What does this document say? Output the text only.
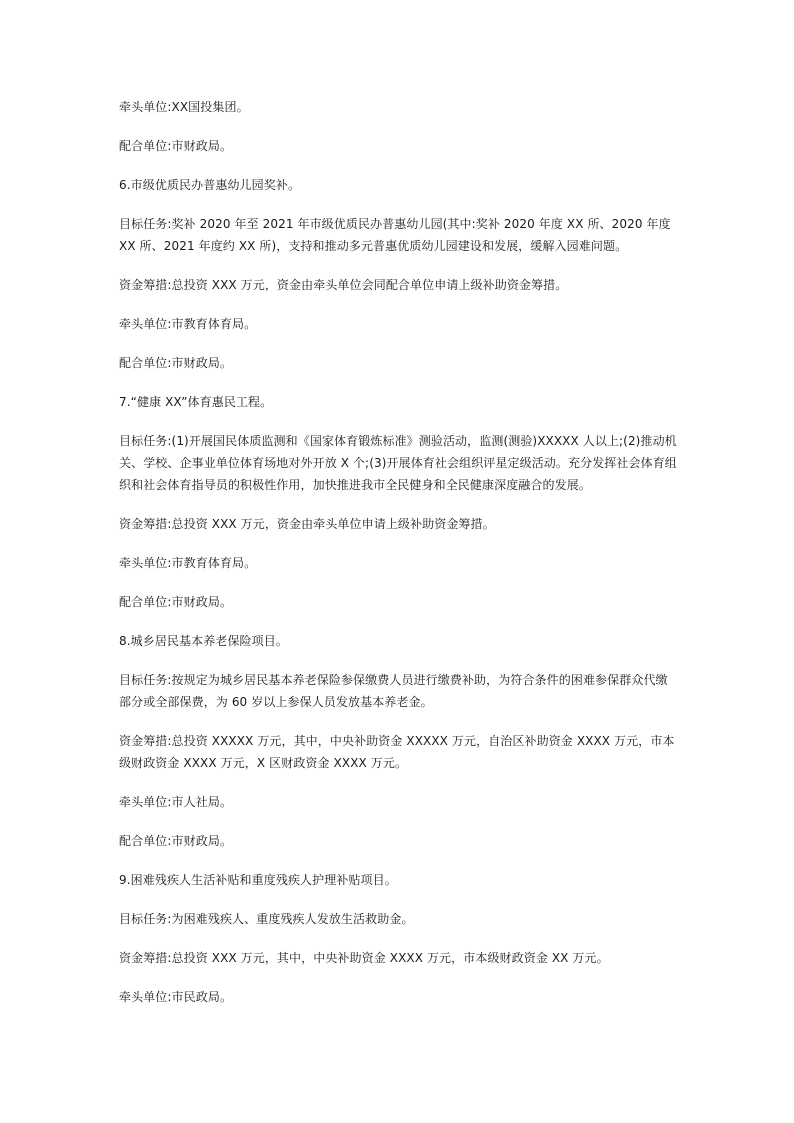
牵头单位:XX国投集团。

配合单位:市财政局。

6.市级优质民办普惠幼儿园奖补。

目标任务:奖补 2020 年至 2021 年市级优质民办普惠幼儿园(其中:奖补 2020 年度 XX 所、2020 年度 XX 所、2021 年度约 XX 所)，支持和推动多元普惠优质幼儿园建设和发展，缓解入园难问题。

资金筹措:总投资 XXX 万元，资金由牵头单位会同配合单位申请上级补助资金筹措。

牵头单位:市教育体育局。

配合单位:市财政局。

7.“健康 XX”体育惠民工程。

目标任务:(1)开展国民体质监测和《国家体育锻炼标准》测验活动，监测(测验)XXXXX 人以上;(2)推动机关、学校、企事业单位体育场地对外开放 X 个;(3)开展体育社会组织评星定级活动。充分发挥社会体育组织和社会体育指导员的积极性作用，加快推进我市全民健身和全民健康深度融合的发展。

资金筹措:总投资 XXX 万元，资金由牵头单位申请上级补助资金筹措。

牵头单位:市教育体育局。

配合单位:市财政局。

8.城乡居民基本养老保险项目。

目标任务:按规定为城乡居民基本养老保险参保缴费人员进行缴费补助，为符合条件的困难参保群众代缴部分或全部保费，为 60 岁以上参保人员发放基本养老金。

资金筹措:总投资 XXXXX 万元，其中，中央补助资金 XXXXX 万元，自治区补助资金 XXXX 万元，市本级财政资金 XXXX 万元，X 区财政资金 XXXX 万元。

牵头单位:市人社局。

配合单位:市财政局。

9.困难残疾人生活补贴和重度残疾人护理补贴项目。

目标任务:为困难残疾人、重度残疾人发放生活救助金。

资金筹措:总投资 XXX 万元，其中，中央补助资金 XXXX 万元，市本级财政资金 XX 万元。

牵头单位:市民政局。
